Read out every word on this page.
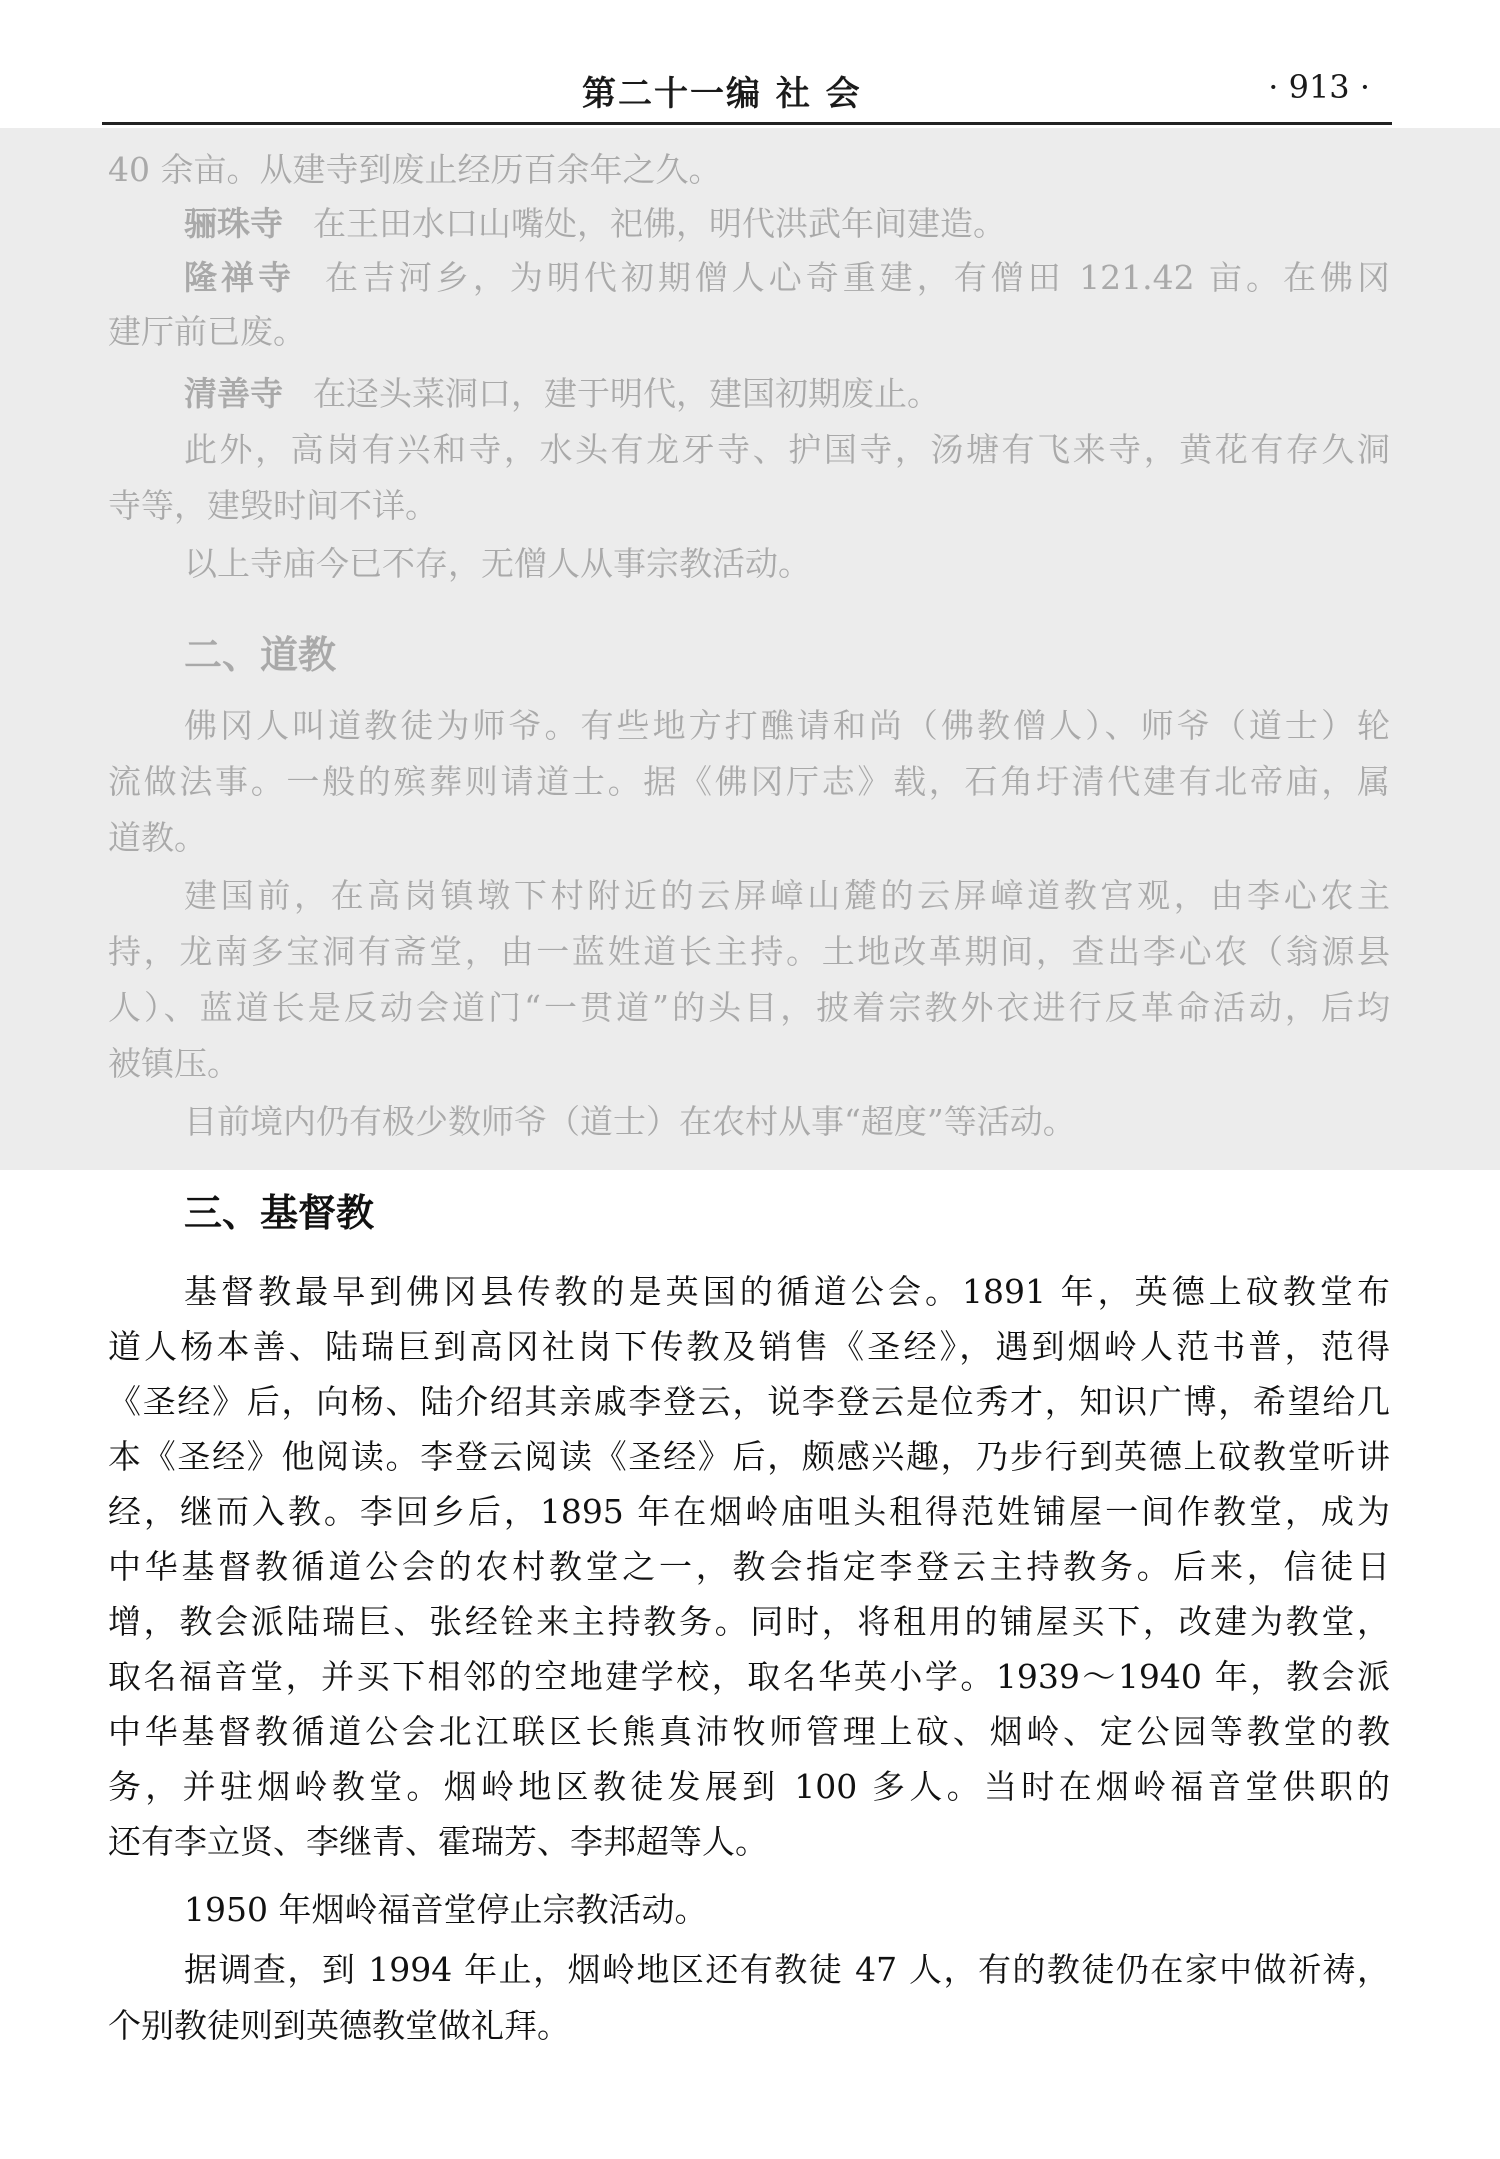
第二十一编 社 会	· 913 ·
40 余亩。从建寺到废止经历百余年之久。
骊珠寺 在王田水口山嘴处，祀佛，明代洪武年间建造。
隆禅寺 在吉河乡，为明代初期僧人心奇重建，有僧田 121.42 亩。在佛冈
建厅前已废。
清善寺 在迳头菜洞口，建于明代，建国初期废止。
此外，高岗有兴和寺，水头有龙牙寺、护国寺，汤塘有飞来寺，黄花有存久洞
寺等，建毁时间不详。
以上寺庙今已不存，无僧人从事宗教活动。
二、道教
佛冈人叫道教徒为师爷。有些地方打醮请和尚（佛教僧人）、师爷（道士）轮
流做法事。一般的殡葬则请道士。据《佛冈厅志》载，石角圩清代建有北帝庙，属
道教。
建国前，在高岗镇墩下村附近的云屏嶂山麓的云屏嶂道教宫观，由李心农主
持，龙南多宝洞有斋堂，由一蓝姓道长主持。土地改革期间，查出李心农（翁源县
人）、蓝道长是反动会道门“一贯道”的头目，披着宗教外衣进行反革命活动，后均
被镇压。
目前境内仍有极少数师爷（道士）在农村从事“超度”等活动。
三、基督教
基督教最早到佛冈县传教的是英国的循道公会。1891 年，英德上砇教堂布
道人杨本善、陆瑞巨到高冈社岗下传教及销售《圣经》，遇到烟岭人范书普，范得
《圣经》后，向杨、陆介绍其亲戚李登云，说李登云是位秀才，知识广博，希望给几
本《圣经》他阅读。李登云阅读《圣经》后，颇感兴趣，乃步行到英德上砇教堂听讲
经，继而入教。李回乡后，1895 年在烟岭庙咀头租得范姓铺屋一间作教堂，成为
中华基督教循道公会的农村教堂之一，教会指定李登云主持教务。后来，信徒日
增，教会派陆瑞巨、张经铨来主持教务。同时，将租用的铺屋买下，改建为教堂，
取名福音堂，并买下相邻的空地建学校，取名华英小学。1939～1940 年，教会派
中华基督教循道公会北江联区长熊真沛牧师管理上砇、烟岭、定公园等教堂的教
务，并驻烟岭教堂。烟岭地区教徒发展到 100 多人。当时在烟岭福音堂供职的
还有李立贤、李继青、霍瑞芳、李邦超等人。
1950 年烟岭福音堂停止宗教活动。
据调查，到 1994 年止，烟岭地区还有教徒 47 人，有的教徒仍在家中做祈祷，
个别教徒则到英德教堂做礼拜。
